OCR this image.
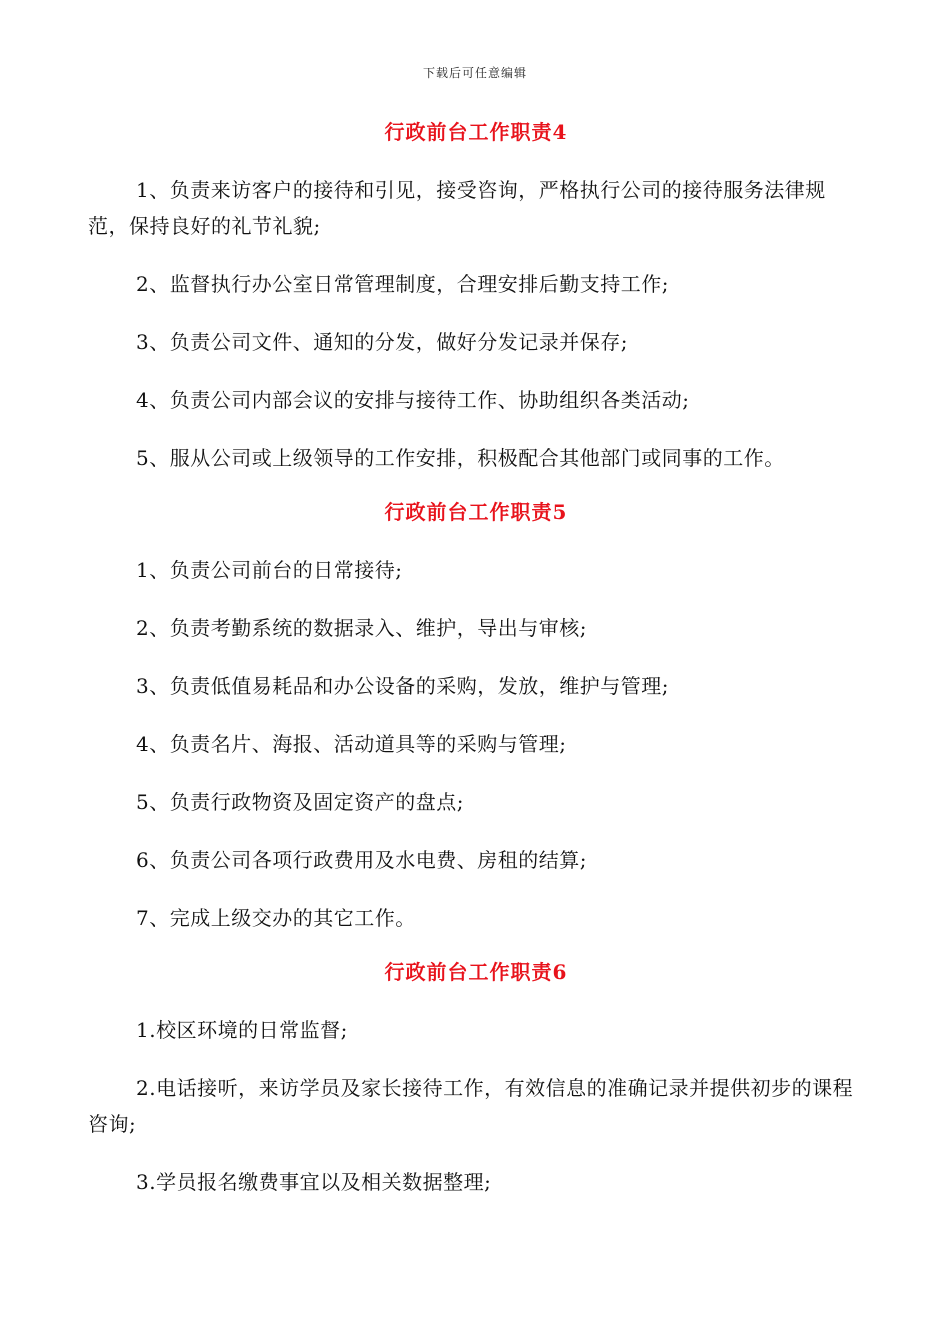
下载后可任意编辑
行政前台工作职责4

1、负责来访客户的接待和引见，接受咨询，严格执行公司的接待服务法律规范，保持良好的礼节礼貌;

2、监督执行办公室日常管理制度，合理安排后勤支持工作;

3、负责公司文件、通知的分发，做好分发记录并保存;

4、负责公司内部会议的安排与接待工作、协助组织各类活动;

5、服从公司或上级领导的工作安排，积极配合其他部门或同事的工作。

行政前台工作职责5

1、负责公司前台的日常接待;

2、负责考勤系统的数据录入、维护，导出与审核;

3、负责低值易耗品和办公设备的采购，发放，维护与管理;

4、负责名片、海报、活动道具等的采购与管理;

5、负责行政物资及固定资产的盘点;

6、负责公司各项行政费用及水电费、房租的结算;

7、完成上级交办的其它工作。

行政前台工作职责6

1.校区环境的日常监督;

2.电话接听，来访学员及家长接待工作，有效信息的准确记录并提供初步的课程咨询;

3.学员报名缴费事宜以及相关数据整理;
